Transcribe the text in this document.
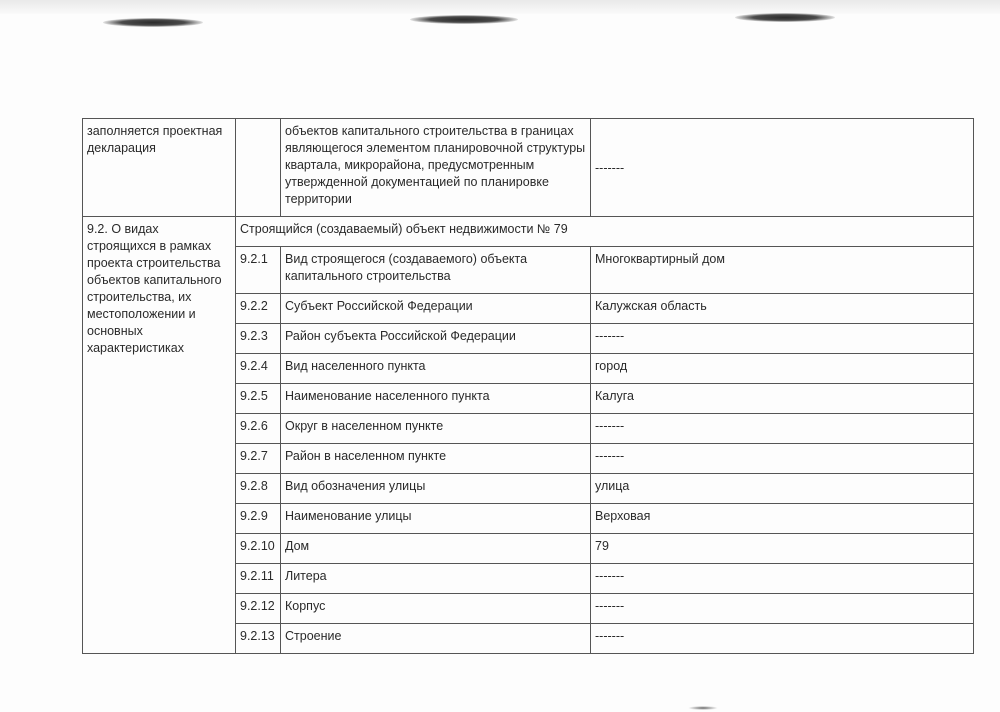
заполняется проектная декларация		объектов капитального строительства в границах являющегося элементом планировочной структуры квартала, микрорайона, предусмотренным утвержденной документацией по планировке территории	-------
9.2. О видах строящихся в рамках проекта строительства объектов капитального строительства, их местоположении и основных характеристиках	Строящийся (создаваемый) объект недвижимости № 79		
	9.2.1	Вид строящегося (создаваемого) объекта капитального строительства	Многоквартирный дом
	9.2.2	Субъект Российской Федерации	Калужская область
	9.2.3	Район субъекта Российской Федерации	-------
	9.2.4	Вид населенного пункта	город
	9.2.5	Наименование населенного пункта	Калуга
	9.2.6	Округ в населенном пункте	-------
	9.2.7	Район в населенном пункте	-------
	9.2.8	Вид обозначения улицы	улица
	9.2.9	Наименование улицы	Верховая
	9.2.10	Дом	79
	9.2.11	Литера	-------
	9.2.12	Корпус	-------
	9.2.13	Строение	-------
